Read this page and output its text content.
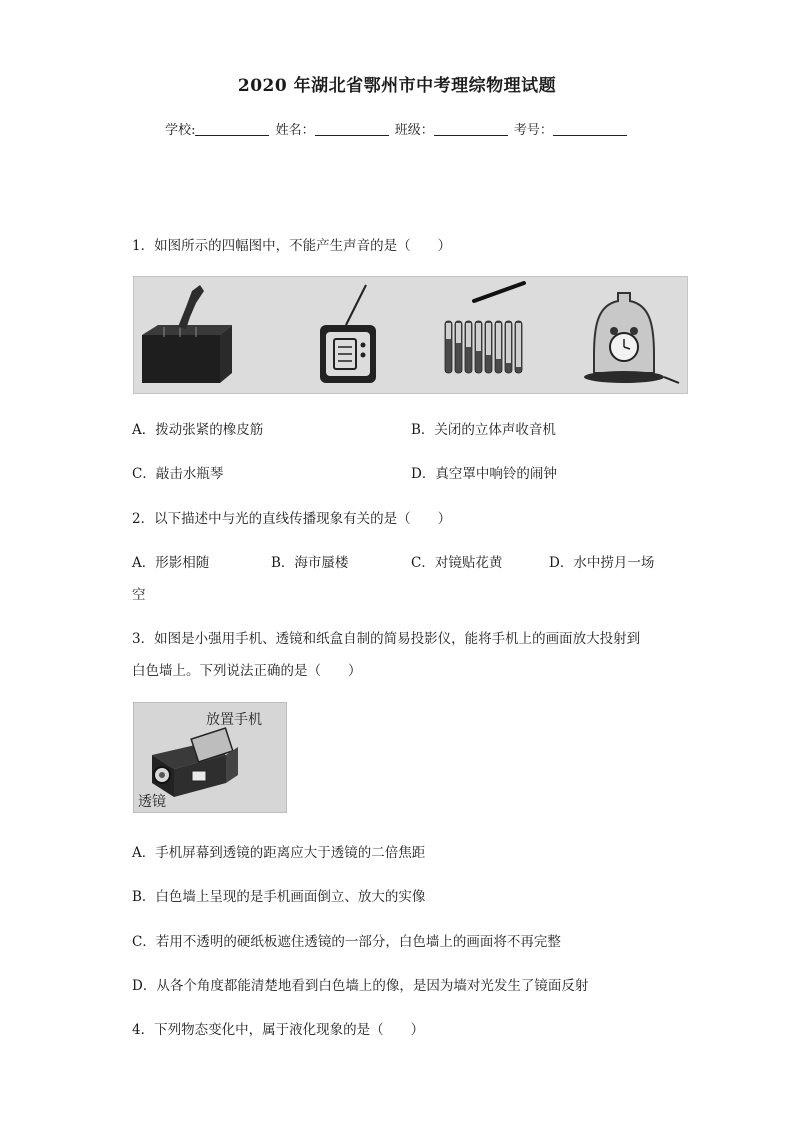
2020 年湖北省鄂州市中考理综物理试题
学校:	姓名：	班级：	考号：
1．如图所示的四幅图中，不能产生声音的是（　　）
A．拨动张紧的橡皮筋	B．关闭的立体声收音机
C．敲击水瓶琴	D．真空罩中响铃的闹钟
2．以下描述中与光的直线传播现象有关的是（　　）
A．形影相随	B．海市蜃楼	C．对镜贴花黄	D．水中捞月一场
空
3．如图是小强用手机、透镜和纸盒自制的简易投影仪，能将手机上的画面放大投射到
白色墙上。下列说法正确的是（　　）
放置手机
透镜
A．手机屏幕到透镜的距离应大于透镜的二倍焦距
B．白色墙上呈现的是手机画面倒立、放大的实像
C．若用不透明的硬纸板遮住透镜的一部分，白色墙上的画面将不再完整
D．从各个角度都能清楚地看到白色墙上的像，是因为墙对光发生了镜面反射
4．下列物态变化中，属于液化现象的是（　　）
